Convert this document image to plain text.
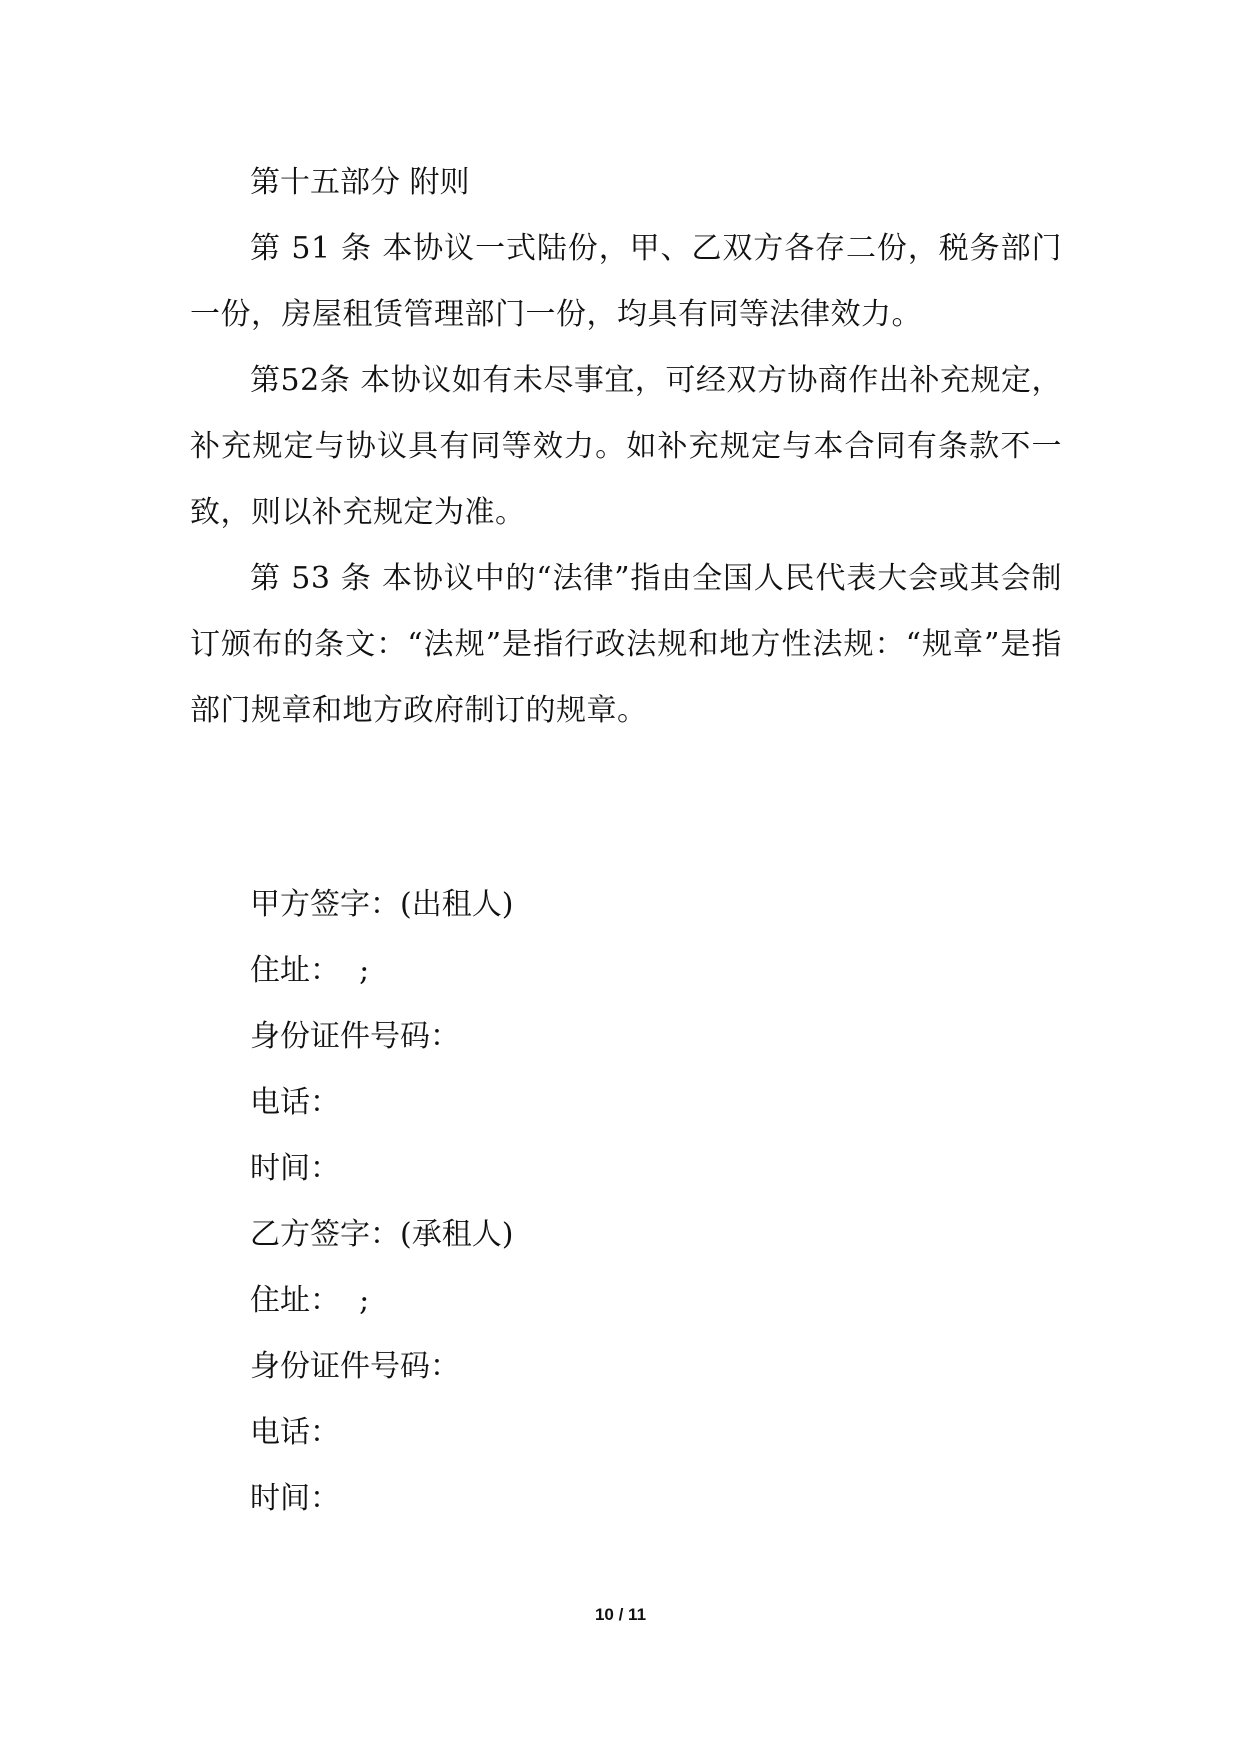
第十五部分 附则

第 51 条 本协议一式陆份，甲、乙双方各存二份，税务部门一份，房屋租赁管理部门一份，均具有同等法律效力。

第52条 本协议如有未尽事宜，可经双方协商作出补充规定，补充规定与协议具有同等效力。如补充规定与本合同有条款不一致，则以补充规定为准。

第 53 条 本协议中的“法律”指由全国人民代表大会或其会制订颁布的条文：“法规”是指行政法规和地方性法规：“规章”是指部门规章和地方政府制订的规章。

甲方签字：(出租人)

住址：  ;

身份证件号码：

电话：

时间：

乙方签字：(承租人)

住址：  ;

身份证件号码：

电话：

时间：

10 / 11
